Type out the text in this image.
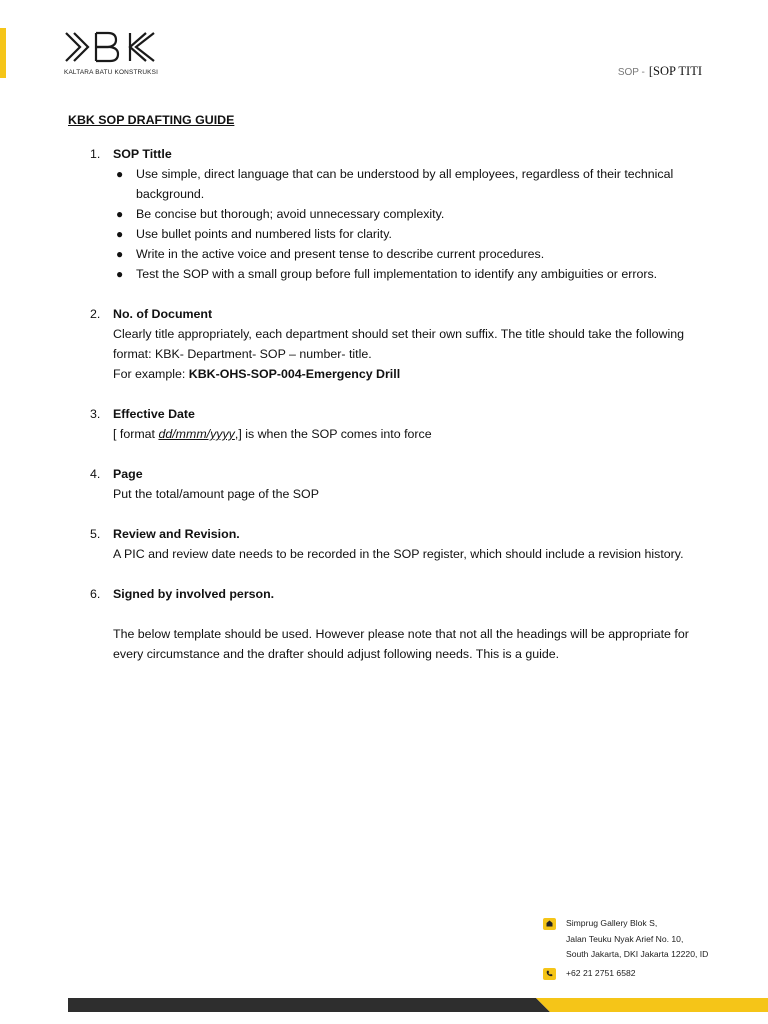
KALTARA BATU KONSTRUKSI	SOP - [SOP TITI
KBK SOP DRAFTING GUIDE
1. SOP Tittle
● Use simple, direct language that can be understood by all employees, regardless of their technical background.
● Be concise but thorough; avoid unnecessary complexity.
● Use bullet points and numbered lists for clarity.
● Write in the active voice and present tense to describe current procedures.
● Test the SOP with a small group before full implementation to identify any ambiguities or errors.
2. No. of Document

Clearly title appropriately, each department should set their own suffix. The title should take the following format: KBK- Department- SOP – number- title.

For example: KBK-OHS-SOP-004-Emergency Drill

3. Effective Date

[ format dd/mmm/yyyy,] is when the SOP comes into force

4. Page

Put the total/amount page of the SOP

5. Review and Revision.

A PIC and review date needs to be recorded in the SOP register, which should include a revision history.

6. Signed by involved person.

The below template should be used. However please note that not all the headings will be appropriate for every circumstance and the drafter should adjust following needs. This is a guide.

Simprug Gallery Blok S,
Jalan Teuku Nyak Arief No. 10,
South Jakarta, DKI Jakarta 12220, ID
+62 21 2751 6582
